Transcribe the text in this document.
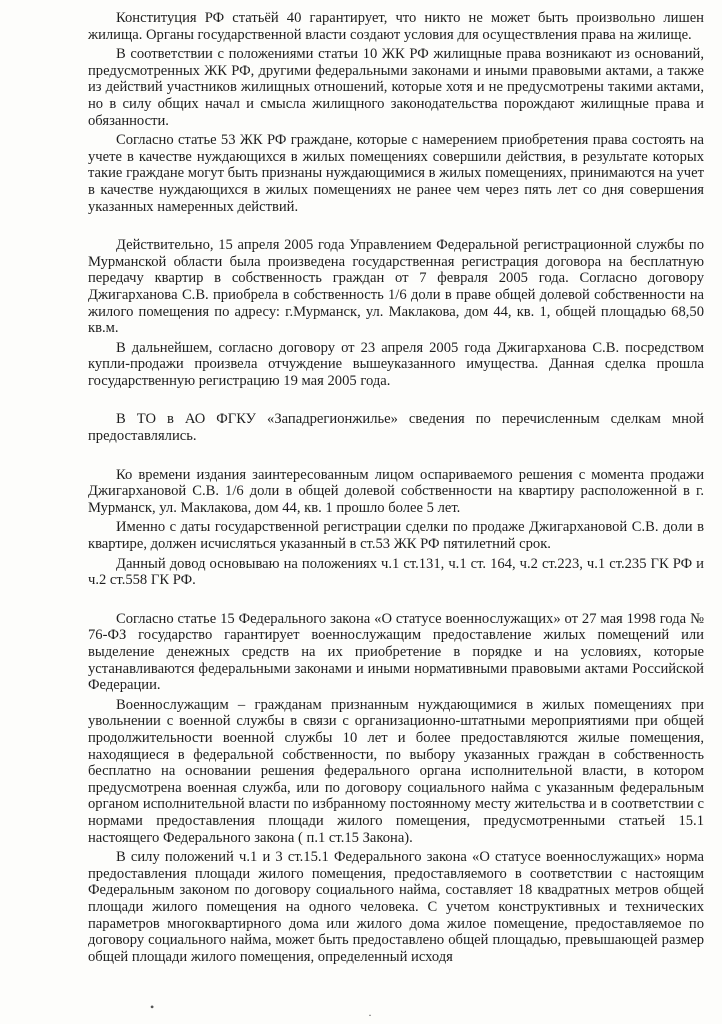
Конституция РФ статьёй 40 гарантирует, что никто не может быть произвольно лишен жилища. Органы государственной власти создают условия для осуществления права на жилище.

В соответствии с положениями статьи 10 ЖК РФ жилищные права возникают из оснований, предусмотренных ЖК РФ, другими федеральными законами и иными правовыми актами, а также из действий участников жилищных отношений, которые хотя и не предусмотрены такими актами, но в силу общих начал и смысла жилищного законодательства порождают жилищные права и обязанности.

Согласно статье 53 ЖК РФ граждане, которые с намерением приобретения права состоять на учете в качестве нуждающихся в жилых помещениях совершили действия, в результате которых такие граждане могут быть признаны нуждающимися в жилых помещениях, принимаются на учет в качестве нуждающихся в жилых помещениях не ранее чем через пять лет со дня совершения указанных намеренных действий.

Действительно, 15 апреля 2005 года Управлением Федеральной регистрационной службы по Мурманской области была произведена государственная регистрация договора на бесплатную передачу квартир в собственность граждан от 7 февраля 2005 года. Согласно договору Джигархановa С.В. приобрела в собственность 1/6 доли в праве общей долевой собственности на жилого помещения по адресу: г.Мурманск, ул. Маклакова, дом 44, кв. 1, общей площадью 68,50 кв.м.

В дальнейшем, согласно договору от 23 апреля 2005 года Джигарханова С.В. посредством купли-продажи произвела отчуждение вышеуказанного имущества. Данная сделка прошла государственную регистрацию 19 мая 2005 года.

В ТО в АО ФГКУ «Западрегионжилье» сведения по перечисленным сделкам мной предоставлялись.

Ко времени издания заинтересованным лицом оспариваемого решения с момента продажи Джигархановой С.В. 1/6 доли в общей долевой собственности на квартиру расположенной в г. Мурманск, ул. Маклакова, дом 44, кв. 1 прошло более 5 лет.

Именно с даты государственной регистрации сделки по продаже Джигархановой С.В. доли в квартире, должен исчисляться указанный в ст.53 ЖК РФ пятилетний срок.

Данный довод основываю на положениях ч.1 ст.131, ч.1 ст. 164, ч.2 ст.223, ч.1 ст.235 ГК РФ и ч.2 ст.558 ГК РФ.

Согласно статье 15 Федерального закона «О статусе военнослужащих» от 27 мая 1998 года № 76-ФЗ государство гарантирует военнослужащим предоставление жилых помещений или выделение денежных средств на их приобретение в порядке и на условиях, которые устанавливаются федеральными законами и иными нормативными правовыми актами Российской Федерации.

Военнослужащим – гражданам признанным нуждающимися в жилых помещениях при увольнении с военной службы в связи с организационно-штатными мероприятиями при общей продолжительности военной службы 10 лет и более предоставляются жилые помещения, находящиеся в федеральной собственности, по выбору указанных граждан в собственность бесплатно на основании решения федерального органа исполнительной власти, в котором предусмотрена военная служба, или по договору социального найма с указанным федеральным органом исполнительной власти по избранному постоянному месту жительства и в соответствии с нормами предоставления площади жилого помещения, предусмотренными статьей 15.1 настоящего Федерального закона ( п.1 ст.15 Закона).

В силу положений ч.1 и 3 ст.15.1 Федерального закона «О статусе военнослужащих» норма предоставления площади жилого помещения, предоставляемого в соответствии с настоящим Федеральным законом по договору социального найма, составляет 18 квадратных метров общей площади жилого помещения на одного человека. С учетом конструктивных и технических параметров многоквартирного дома или жилого дома жилое помещение, предоставляемое по договору социального найма, может быть предоставлено общей площадью, превышающей размер общей площади жилого помещения, определенный исходя

•
·
